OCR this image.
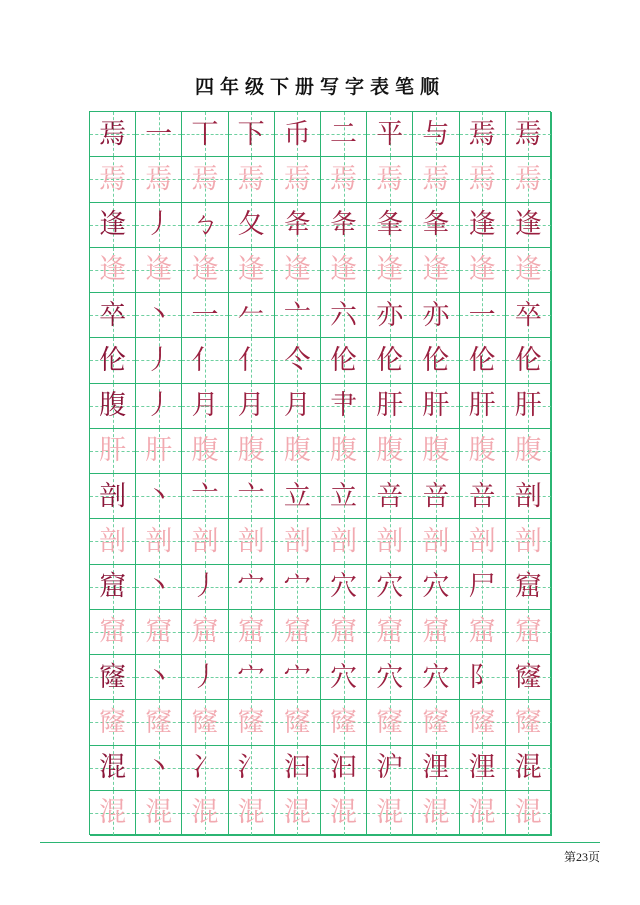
四年级下册写字表笔顺
焉 一 丅 下 币 二 平 与 焉 焉
焉 焉 焉 焉 焉 焉 焉 焉 焉 焉
逢 丿 ㄅ 夂 夅 夅 夆 夆 逢 逢
逢 逢 逢 逢 逢 逢 逢 逢 逢 逢
卒 丶 一 𠂉 亠 六 亦 亦 一 卒
伦 丿 亻 亻 仒 伦 伦 伦 伦 伦
腹 丿 月 月 月 肀 肝 肝 肝 肝
肝 肝 腹 腹 腹 腹 腹 腹 腹 腹
剖 丶 亠 亠 立 立 咅 咅 咅 剖
剖 剖 剖 剖 剖 剖 剖 剖 剖 剖
窟 丶 丿 宀 宀 穴 穴 穴 尸 窟
窟 窟 窟 窟 窟 窟 窟 窟 窟 窟
窿 丶 丿 宀 宀 穴 穴 穴 阝 窿
窿 窿 窿 窿 窿 窿 窿 窿 窿 窿
混 丶 冫 氵 汩 汩 沪 浬 浬 混
混 混 混 混 混 混 混 混 混 混
第23页
